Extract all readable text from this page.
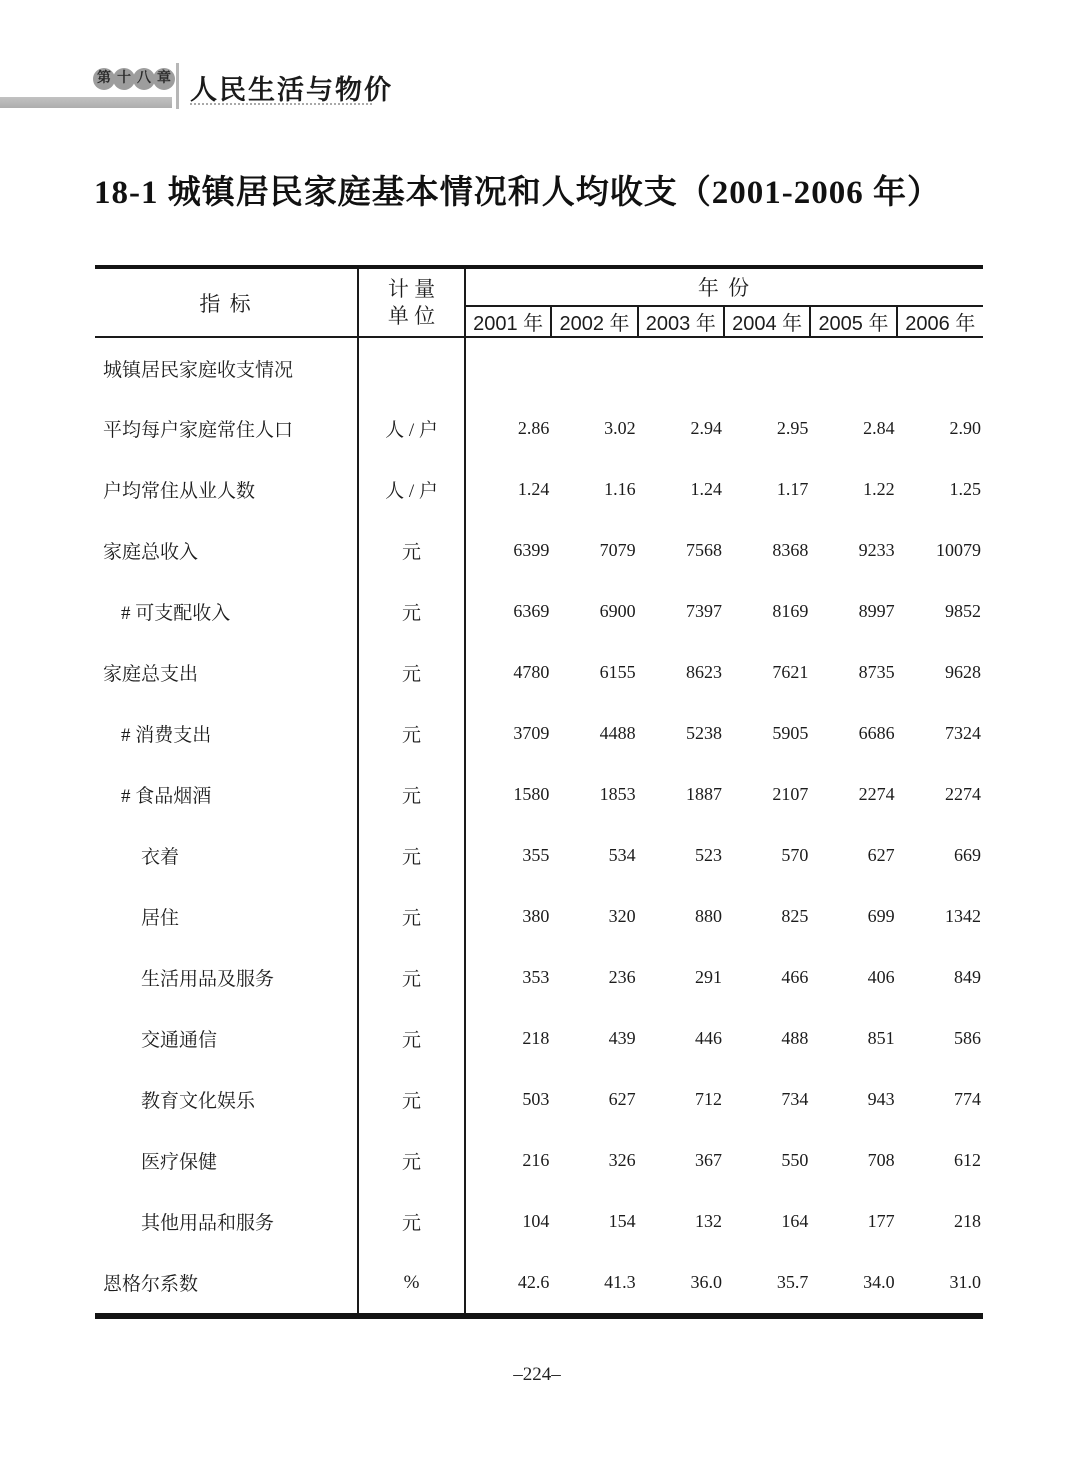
第 十 八 章 人民生活与物价
18-1 城镇居民家庭基本情况和人均收支（2001-2006 年）
指 标	计 量
单 位	年 份					
		2001 年	2002 年	2003 年	2004 年	2005 年	2006 年
城镇居民家庭收支情况							
平均每户家庭常住人口	人 / 户	2.86	3.02	2.94	2.95	2.84	2.90
户均常住从业人数	人 / 户	1.24	1.16	1.24	1.17	1.22	1.25
家庭总收入	元	6399	7079	7568	8368	9233	10079
# 可支配收入	元	6369	6900	7397	8169	8997	9852
家庭总支出	元	4780	6155	8623	7621	8735	9628
# 消费支出	元	3709	4488	5238	5905	6686	7324
# 食品烟酒	元	1580	1853	1887	2107	2274	2274
衣着	元	355	534	523	570	627	669
居住	元	380	320	880	825	699	1342
生活用品及服务	元	353	236	291	466	406	849
交通通信	元	218	439	446	488	851	586
教育文化娱乐	元	503	627	712	734	943	774
医疗保健	元	216	326	367	550	708	612
其他用品和服务	元	104	154	132	164	177	218
恩格尔系数	%	42.6	41.3	36.0	35.7	34.0	31.0
–224–
